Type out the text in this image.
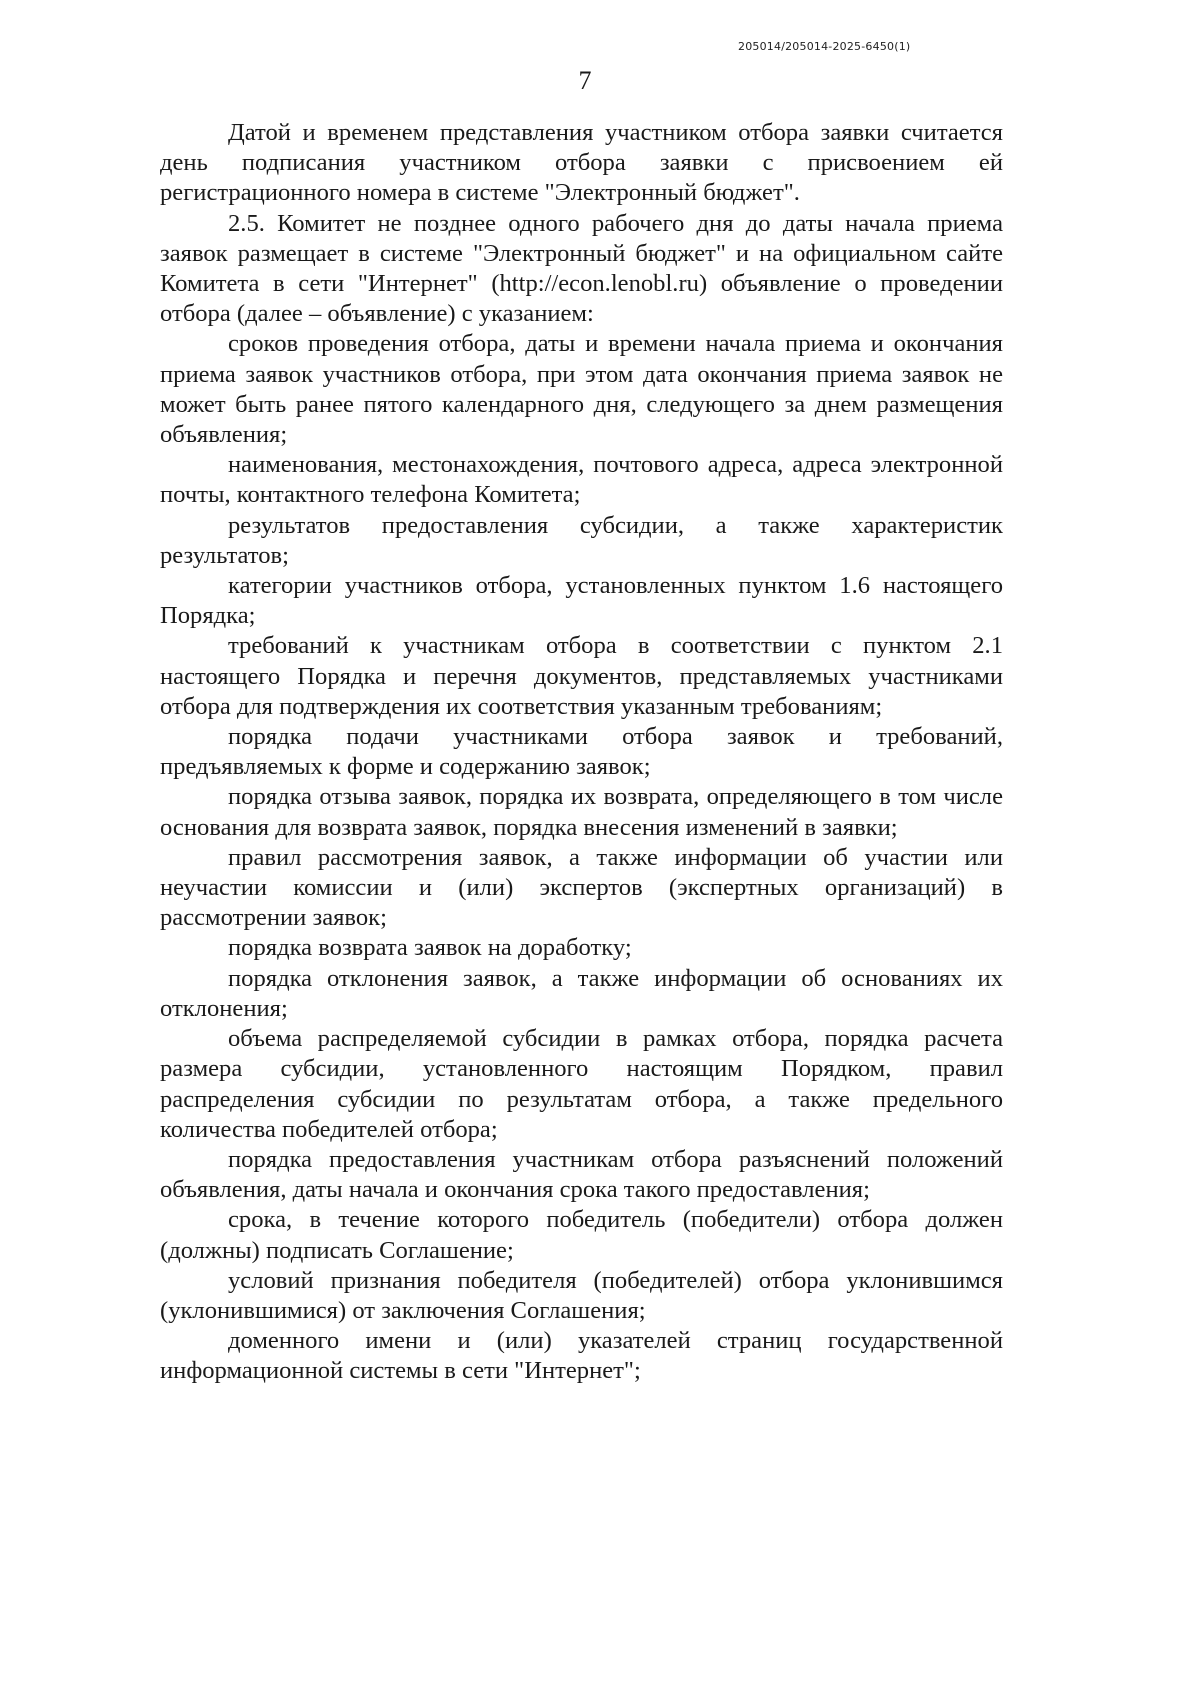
205014/205014-2025-6450(1)
7

Датой и временем представления участником отбора заявки считается день подписания участником отбора заявки с присвоением ей регистрационного номера в системе "Электронный бюджет".

2.5. Комитет не позднее одного рабочего дня до даты начала приема заявок размещает в системе "Электронный бюджет" и на официальном сайте Комитета в сети "Интернет" (http://econ.lenobl.ru) объявление о проведении отбора (далее – объявление) с указанием:

сроков проведения отбора, даты и времени начала приема и окончания приема заявок участников отбора, при этом дата окончания приема заявок не может быть ранее пятого календарного дня, следующего за днем размещения объявления;

наименования, местонахождения, почтового адреса, адреса электронной почты, контактного телефона Комитета;

результатов предоставления субсидии, а также характеристик результатов;

категории участников отбора, установленных пунктом 1.6 настоящего Порядка;

требований к участникам отбора в соответствии с пунктом 2.1 настоящего Порядка и перечня документов, представляемых участниками отбора для подтверждения их соответствия указанным требованиям;

порядка подачи участниками отбора заявок и требований, предъявляемых к форме и содержанию заявок;

порядка отзыва заявок, порядка их возврата, определяющего в том числе основания для возврата заявок, порядка внесения изменений в заявки;

правил рассмотрения заявок, а также информации об участии или неучастии комиссии и (или) экспертов (экспертных организаций) в рассмотрении заявок;

порядка возврата заявок на доработку;

порядка отклонения заявок, а также информации об основаниях их отклонения;

объема распределяемой субсидии в рамках отбора, порядка расчета размера субсидии, установленного настоящим Порядком, правил распределения субсидии по результатам отбора, а также предельного количества победителей отбора;

порядка предоставления участникам отбора разъяснений положений объявления, даты начала и окончания срока такого предоставления;

срока, в течение которого победитель (победители) отбора должен (должны) подписать Соглашение;

условий признания победителя (победителей) отбора уклонившимся (уклонившимися) от заключения Соглашения;

доменного имени и (или) указателей страниц государственной информационной системы в сети "Интернет";
